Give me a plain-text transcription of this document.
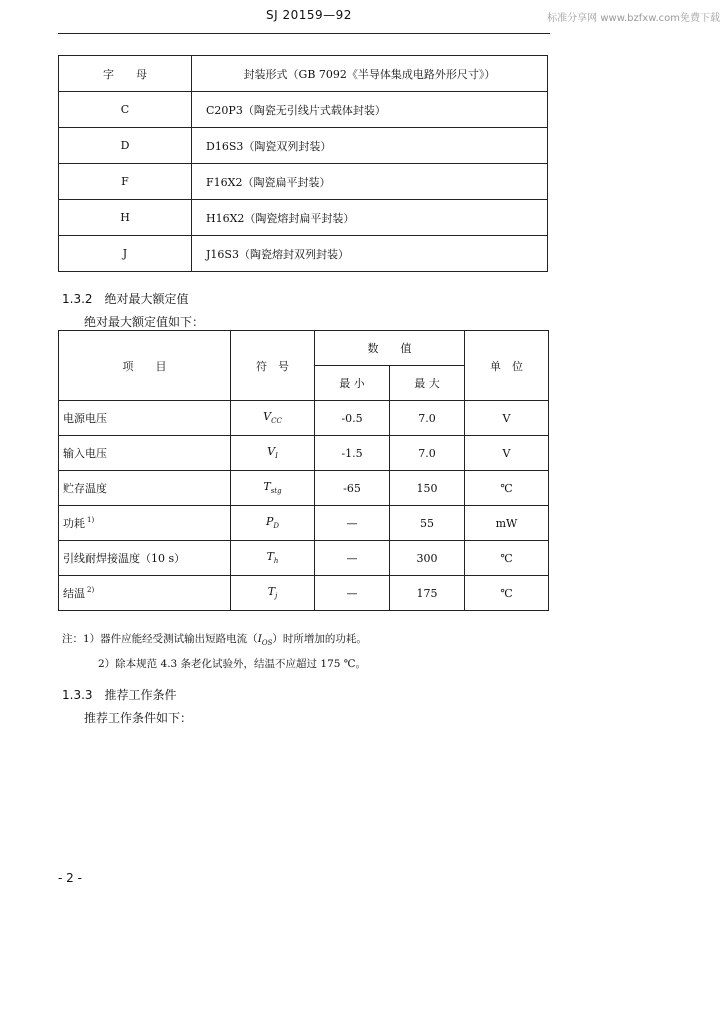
SJ 20159—92	标准分享网 www.bzfxw.com免费下载
字　　母	封装形式（GB 7092《半导体集成电路外形尺寸》）
C	C20P3（陶瓷无引线片式载体封装）
D	D16S3（陶瓷双列封装）
F	F16X2（陶瓷扁平封装）
H	H16X2（陶瓷熔封扁平封装）
J	J16S3（陶瓷熔封双列封装）
1.3.2　绝对最大额定值
绝对最大额定值如下：
项　　目	符　号	数　　值		单　位
		最 小	最 大	
电源电压	$V_{CC}$	-0.5	7.0	V
输入电压	$V_I$	-1.5	7.0	V
贮存温度	$T_{stg}$	-65	150	℃
功耗 $^{1)}$	$P_D$	—	55	mW
引线耐焊接温度（10 s）	$T_h$	—	300	℃
结温 $^{2)}$	$T_j$	—	175	℃
注：1）器件应能经受测试输出短路电流$(I_{OS})$时所增加的功耗。
2）除本规范 4.3 条老化试验外，结温不应超过 175 ℃。
1.3.3　推荐工作条件
推荐工作条件如下：
- 2 -
